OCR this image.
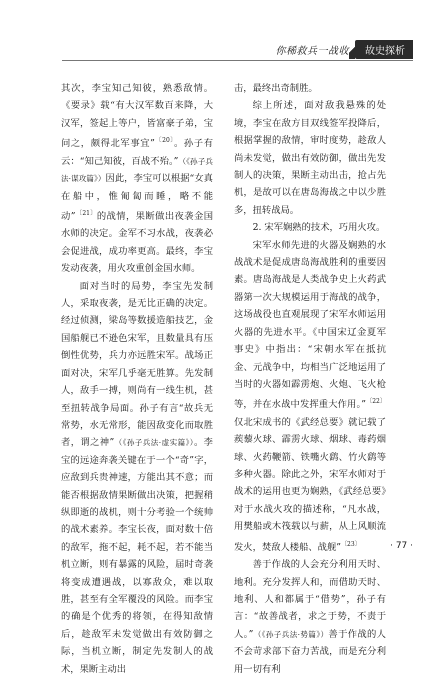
你稀救兵一战收	故史探析

其次，李宝知己知彼，熟悉敌情。《要录》载“有大汉军数百来降，大汉军，签起上等户，皆富豪子弟，宝问之，颇得北军事宜”$^{〔20〕}$。孙子有云：“知己知彼，百战不殆。”（《孙子兵法·谋攻篇》）因此，李宝可以根据“女真在船中，惟匍匐而睡，略不能动”$^{〔21〕}$的战情，果断做出夜袭金国水师的决定。金军不习水战，夜袭必会促进战，成功率更高。最终，李宝发动夜袭，用火攻重创金国水师。

面对当时的局势，李宝先发制人，采取夜袭，是无比正确的决定。经过侦测，梁岛等数援造船技艺，金国船舰已不逊色宋军，且数量具有压倒性优势，兵力亦远胜宋军。战场正面对决，宋军几乎毫无胜算。先发制人，敌手一搏，则尚有一线生机，甚至扭转战争局面。孙子有言“故兵无常势，水无常形，能因敌变化而取胜者，谓之神”（《孙子兵法·虚实篇》）。李宝的远途奔袭关键在于一个“奇”字，应敌到兵贵神速，方能出其不意；而能否根据敌情果断做出决策，把握稍纵即逝的战机，则十分考验一个统帅的战术素养。李宝长夜，面对数十倍的敌军，拖不起，耗不起，若不能当机立断，则有暴露的风险，届时奇袭将变成遭遇战，以寡敌众，难以取胜，甚至有全军覆没的风险。而李宝的确是个优秀的将领，在得知敌情后，趁敌军未发觉做出有效防御之际，当机立断，制定先发制人的战术，果断主动出

击，最终出奇制胜。

综上所述，面对敌我悬殊的处境，李宝在敌方目双线签军投降后，根据掌握的敌情，审时度势，趁敌人尚未发觉，做出有效防御，做出先发制人的决策，果断主动出击，抢占先机，是故可以在唐岛海战之中以少胜多，扭转战局。

2. 宋军娴熟的技术，巧用火攻。

宋军水师先进的火器及娴熟的水战战术是促成唐岛海战胜利的重要因素。唐岛海战是人类战争史上火药武器第一次大规模运用于海战的战争，这场战役也直观展现了宋军水师运用火器的先进水平。《中国宋辽金夏军事史》中指出：“宋朝水军在抵抗金、元战争中，均相当广泛地运用了当时的火器如霹雳炮、火炮、飞火枪等，并在水战中发挥重大作用。”$^{〔22〕}$仅北宋成书的《武经总要》就记载了蒺藜火球、霹雳火球、烟球、毒药烟球、火药鞭箭、铁嘴火鹞、竹火鹞等多种火器。除此之外，宋军水师对于战术的运用也更为娴熟，《武经总要》对于水战火攻的描述称，“凡水战，用樊船或木筏载以与薪，从上风顺流发火，焚敌人楼船、战舰”$^{〔23〕}$

善于作战的人会充分利用天时、地利。充分发挥人和，而借助天时、地利、人和都属于“借势”，孙子有言：“故善战者，求之于势，不责于人。”（《孙子兵法·势篇》）善于作战的人不会苛求部下奋力苦战，而是充分利用一切有利

· 77 ·
